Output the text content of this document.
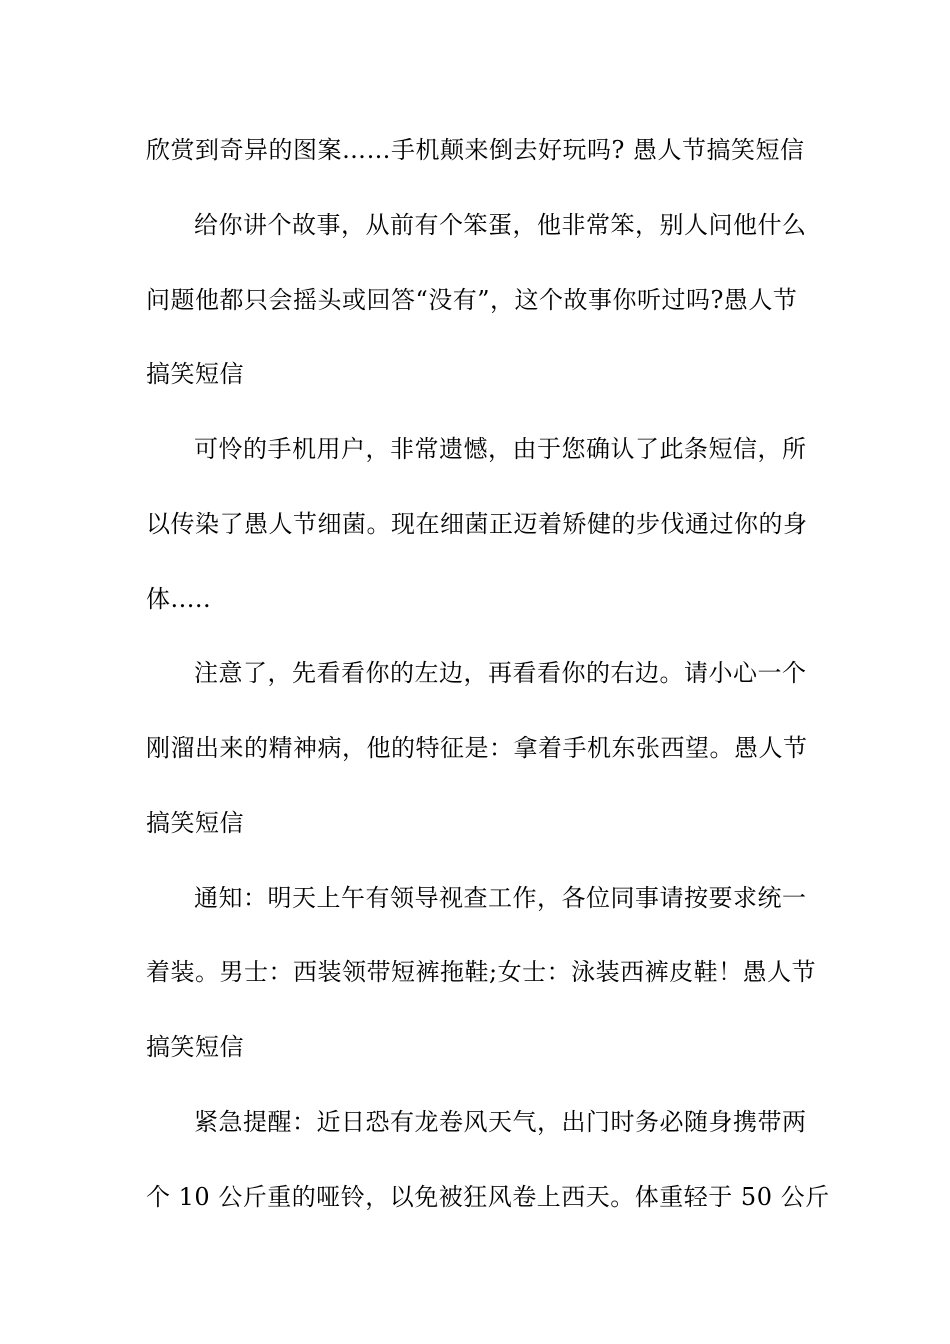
欣赏到奇异的图案……手机颠来倒去好玩吗? 愚人节搞笑短信
给你讲个故事，从前有个笨蛋，他非常笨，别人问他什么
问题他都只会摇头或回答“没有”，这个故事你听过吗?愚人节
搞笑短信
可怜的手机用户，非常遗憾，由于您确认了此条短信，所
以传染了愚人节细菌。现在细菌正迈着矫健的步伐通过你的身
体.....
注意了，先看看你的左边，再看看你的右边。请小心一个
刚溜出来的精神病，他的特征是：拿着手机东张西望。愚人节
搞笑短信
通知：明天上午有领导视查工作，各位同事请按要求统一
着装。男士：西装领带短裤拖鞋;女士：泳装西裤皮鞋！愚人节
搞笑短信
紧急提醒：近日恐有龙卷风天气，出门时务必随身携带两
个 10 公斤重的哑铃，以免被狂风卷上西天。体重轻于 50 公斤
